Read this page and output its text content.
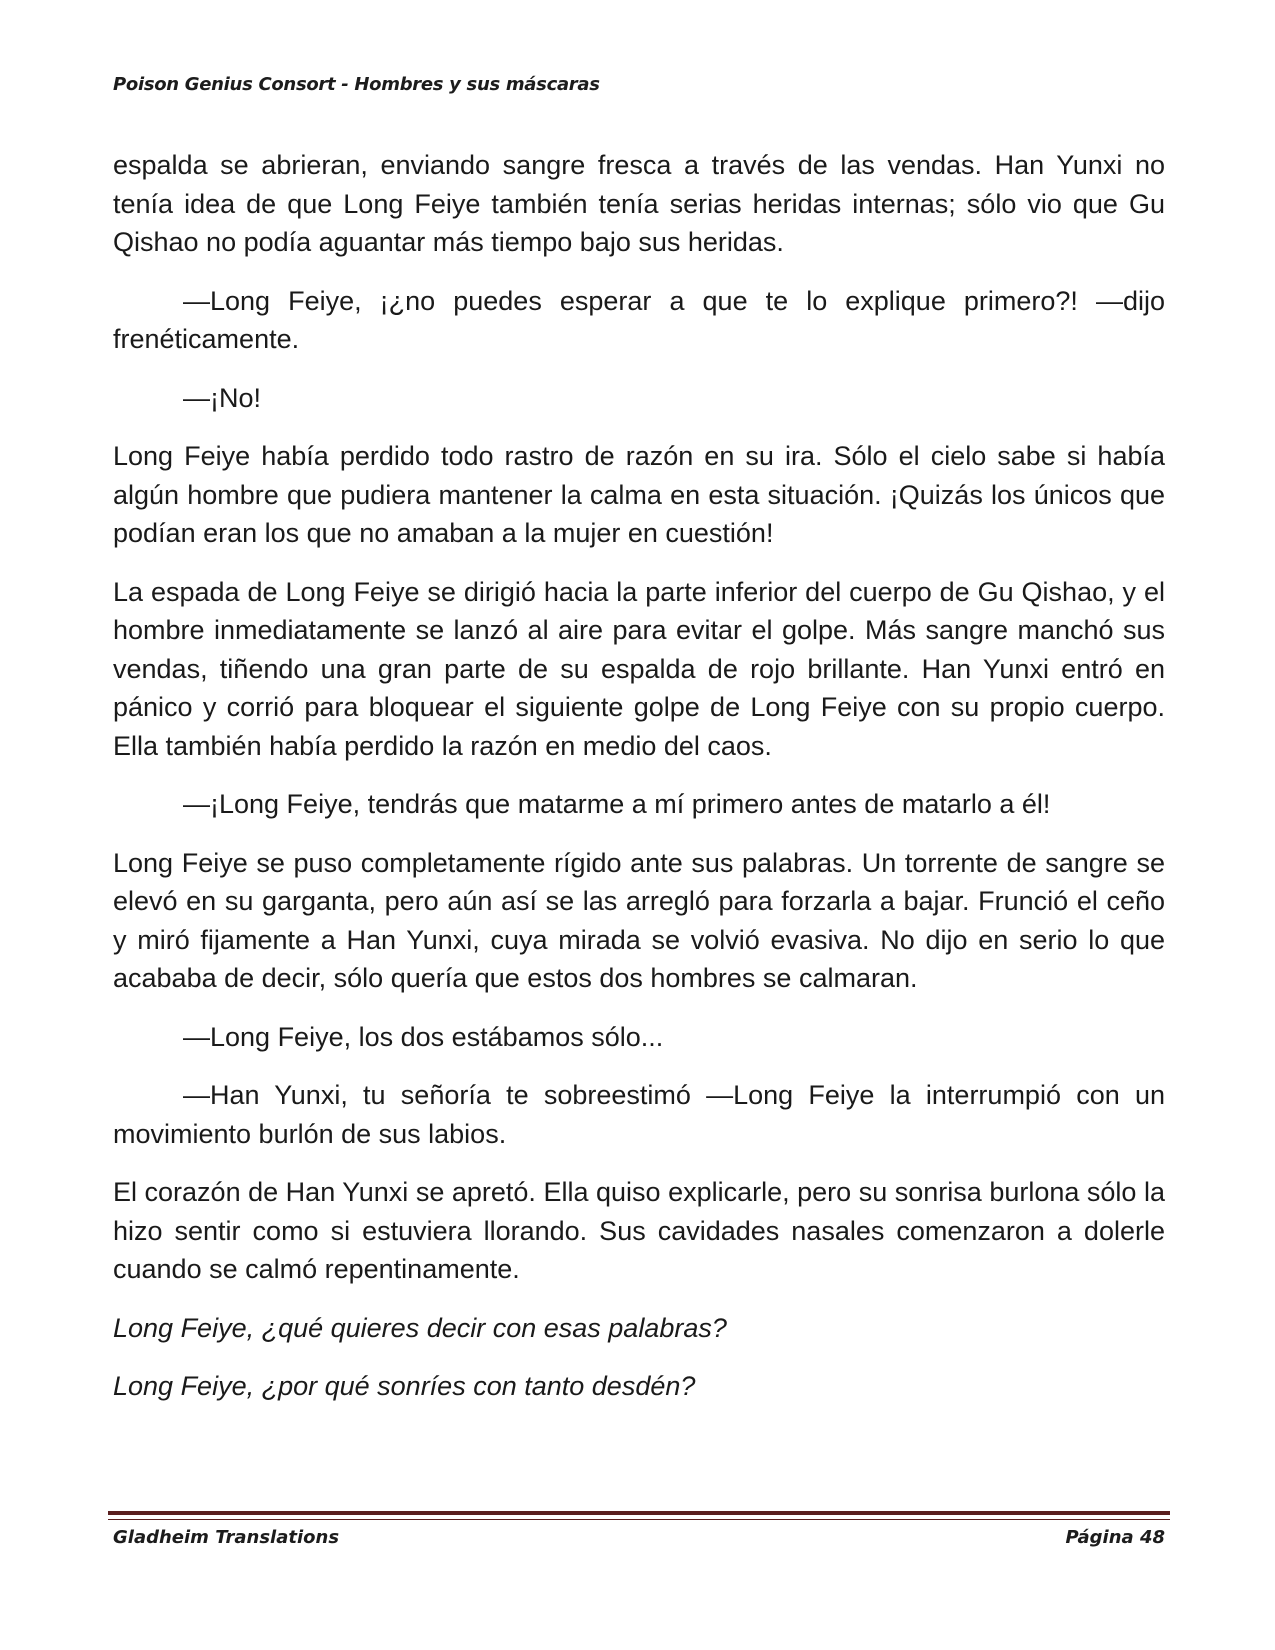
Poison Genius Consort - Hombres y sus máscaras

espalda se abrieran, enviando sangre fresca a través de las vendas. Han Yunxi no tenía idea de que Long Feiye también tenía serias heridas internas; sólo vio que Gu Qishao no podía aguantar más tiempo bajo sus heridas.

—Long Feiye, ¡¿no puedes esperar a que te lo explique primero?! —dijo frenéticamente.

—¡No!

Long Feiye había perdido todo rastro de razón en su ira. Sólo el cielo sabe si había algún hombre que pudiera mantener la calma en esta situación. ¡Quizás los únicos que podían eran los que no amaban a la mujer en cuestión!

La espada de Long Feiye se dirigió hacia la parte inferior del cuerpo de Gu Qishao, y el hombre inmediatamente se lanzó al aire para evitar el golpe. Más sangre manchó sus vendas, tiñendo una gran parte de su espalda de rojo brillante. Han Yunxi entró en pánico y corrió para bloquear el siguiente golpe de Long Feiye con su propio cuerpo. Ella también había perdido la razón en medio del caos.

—¡Long Feiye, tendrás que matarme a mí primero antes de matarlo a él!

Long Feiye se puso completamente rígido ante sus palabras. Un torrente de sangre se elevó en su garganta, pero aún así se las arregló para forzarla a bajar. Frunció el ceño y miró fijamente a Han Yunxi, cuya mirada se volvió evasiva. No dijo en serio lo que acababa de decir, sólo quería que estos dos hombres se calmaran.

—Long Feiye, los dos estábamos sólo...

—Han Yunxi, tu señoría te sobreestimó —Long Feiye la interrumpió con un movimiento burlón de sus labios.

El corazón de Han Yunxi se apretó. Ella quiso explicarle, pero su sonrisa burlona sólo la hizo sentir como si estuviera llorando. Sus cavidades nasales comenzaron a dolerle cuando se calmó repentinamente.

Long Feiye, ¿qué quieres decir con esas palabras?

Long Feiye, ¿por qué sonríes con tanto desdén?

Gladheim Translations	Página 48
